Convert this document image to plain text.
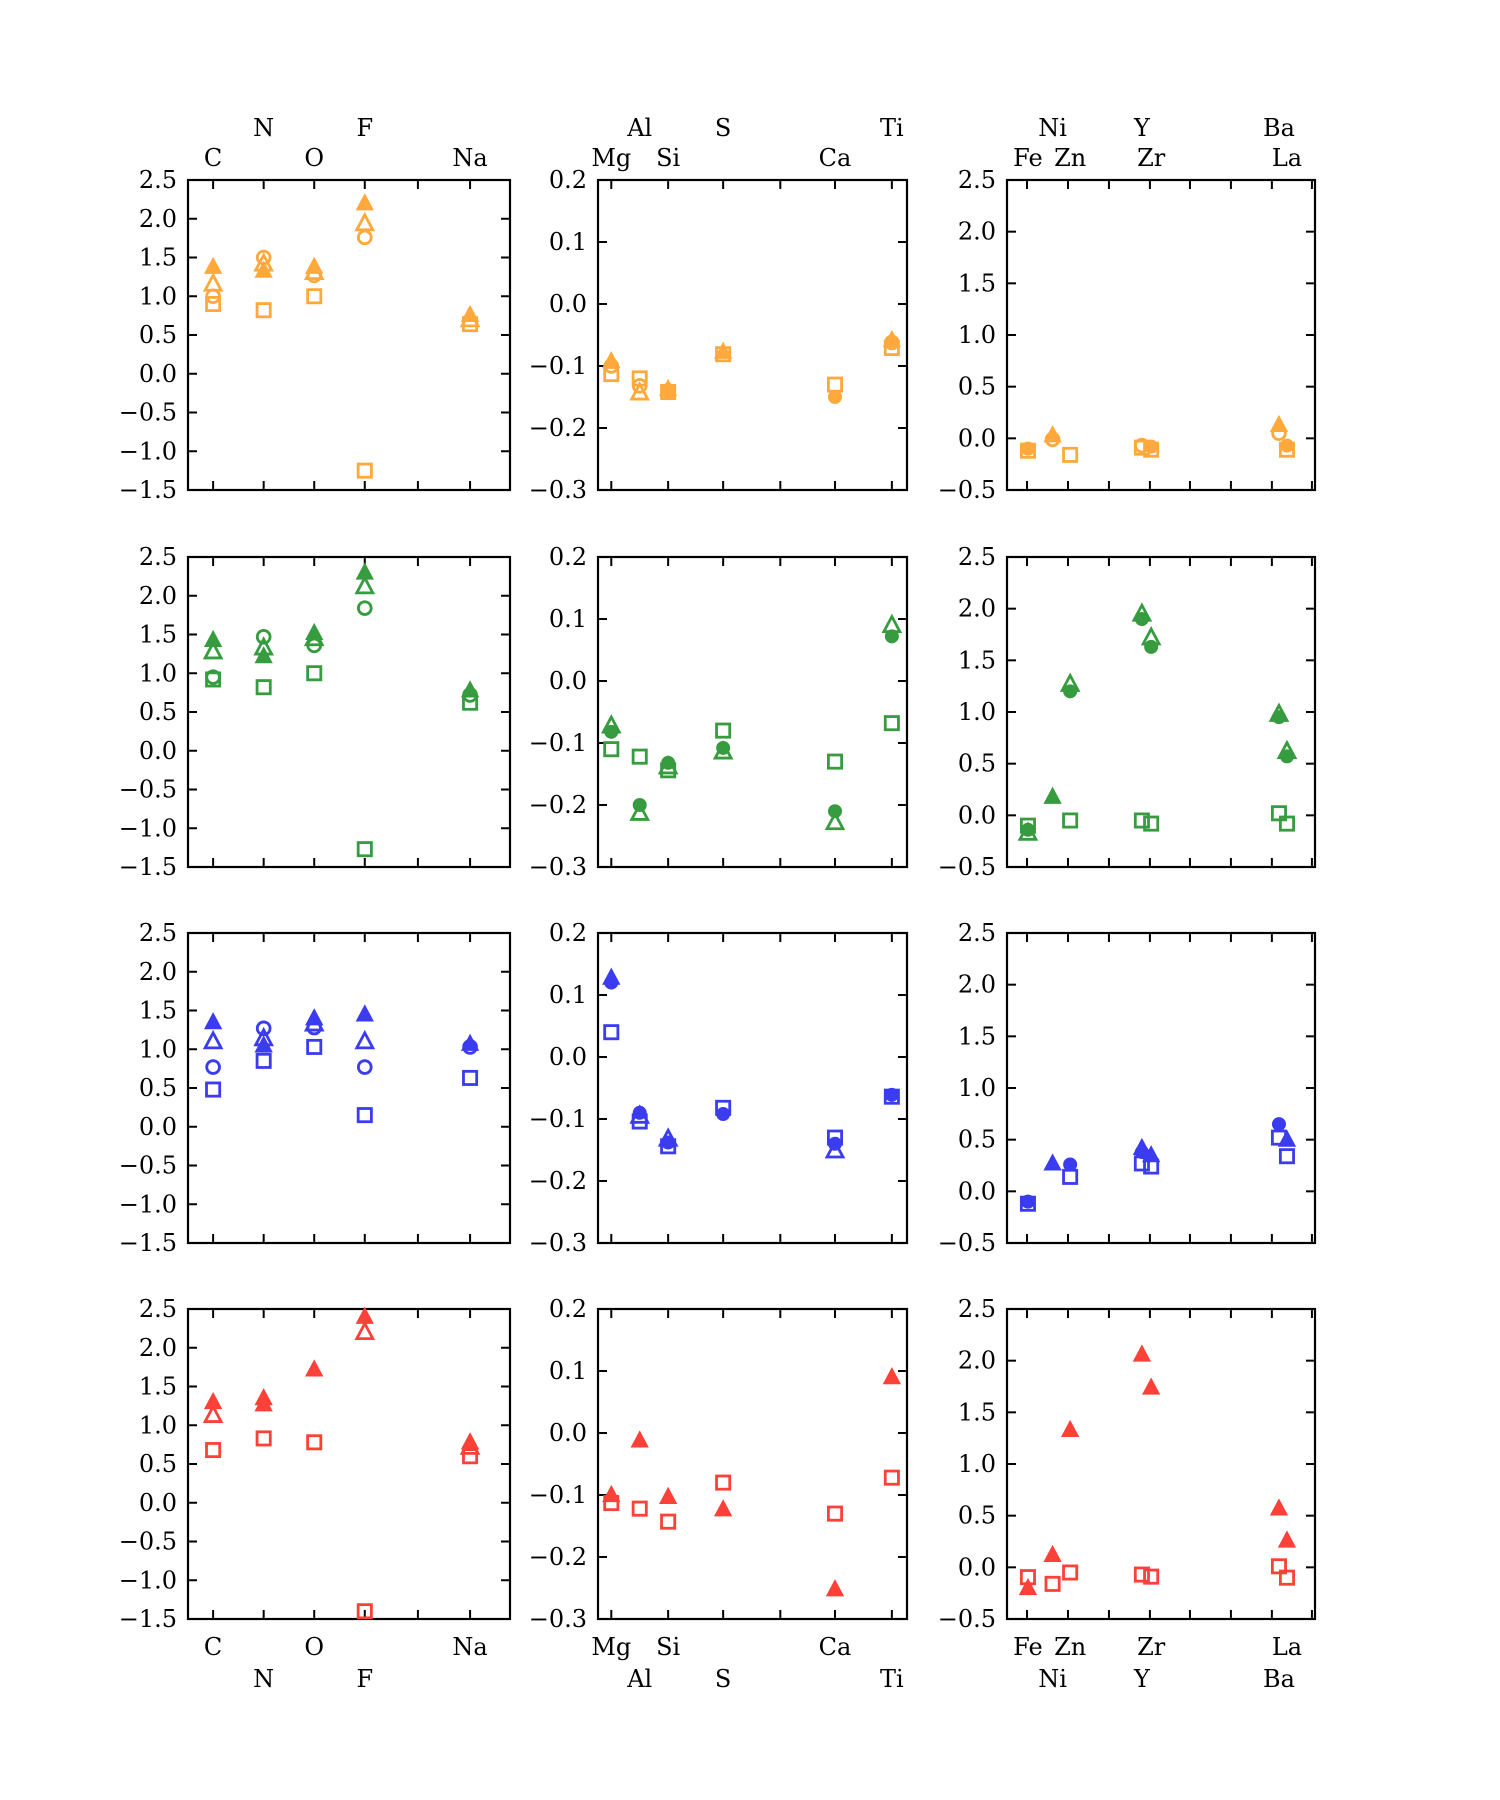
2.5
2.0
1.5
1.0
0.5
0.0
−0.5
−1.0
−1.5
C
N
O
F
Na
0.2
0.1
0.0
−0.1
−0.2
−0.3
Mg
Al
Si
S
Ca
Ti
2.5
2.0
1.5
1.0
0.5
0.0
−0.5
Fe
Ni
Zn
Y
Zr
Ba
La
2.5
2.0
1.5
1.0
0.5
0.0
−0.5
−1.0
−1.5
0.2
0.1
0.0
−0.1
−0.2
−0.3
2.5
2.0
1.5
1.0
0.5
0.0
−0.5
2.5
2.0
1.5
1.0
0.5
0.0
−0.5
−1.0
−1.5
0.2
0.1
0.0
−0.1
−0.2
−0.3
2.5
2.0
1.5
1.0
0.5
0.0
−0.5
2.5
2.0
1.5
1.0
0.5
0.0
−0.5
−1.0
−1.5
C
N
O
F
Na
0.2
0.1
0.0
−0.1
−0.2
−0.3
Mg
Al
Si
S
Ca
Ti
2.5
2.0
1.5
1.0
0.5
0.0
−0.5
Fe
Ni
Zn
Y
Zr
Ba
La
